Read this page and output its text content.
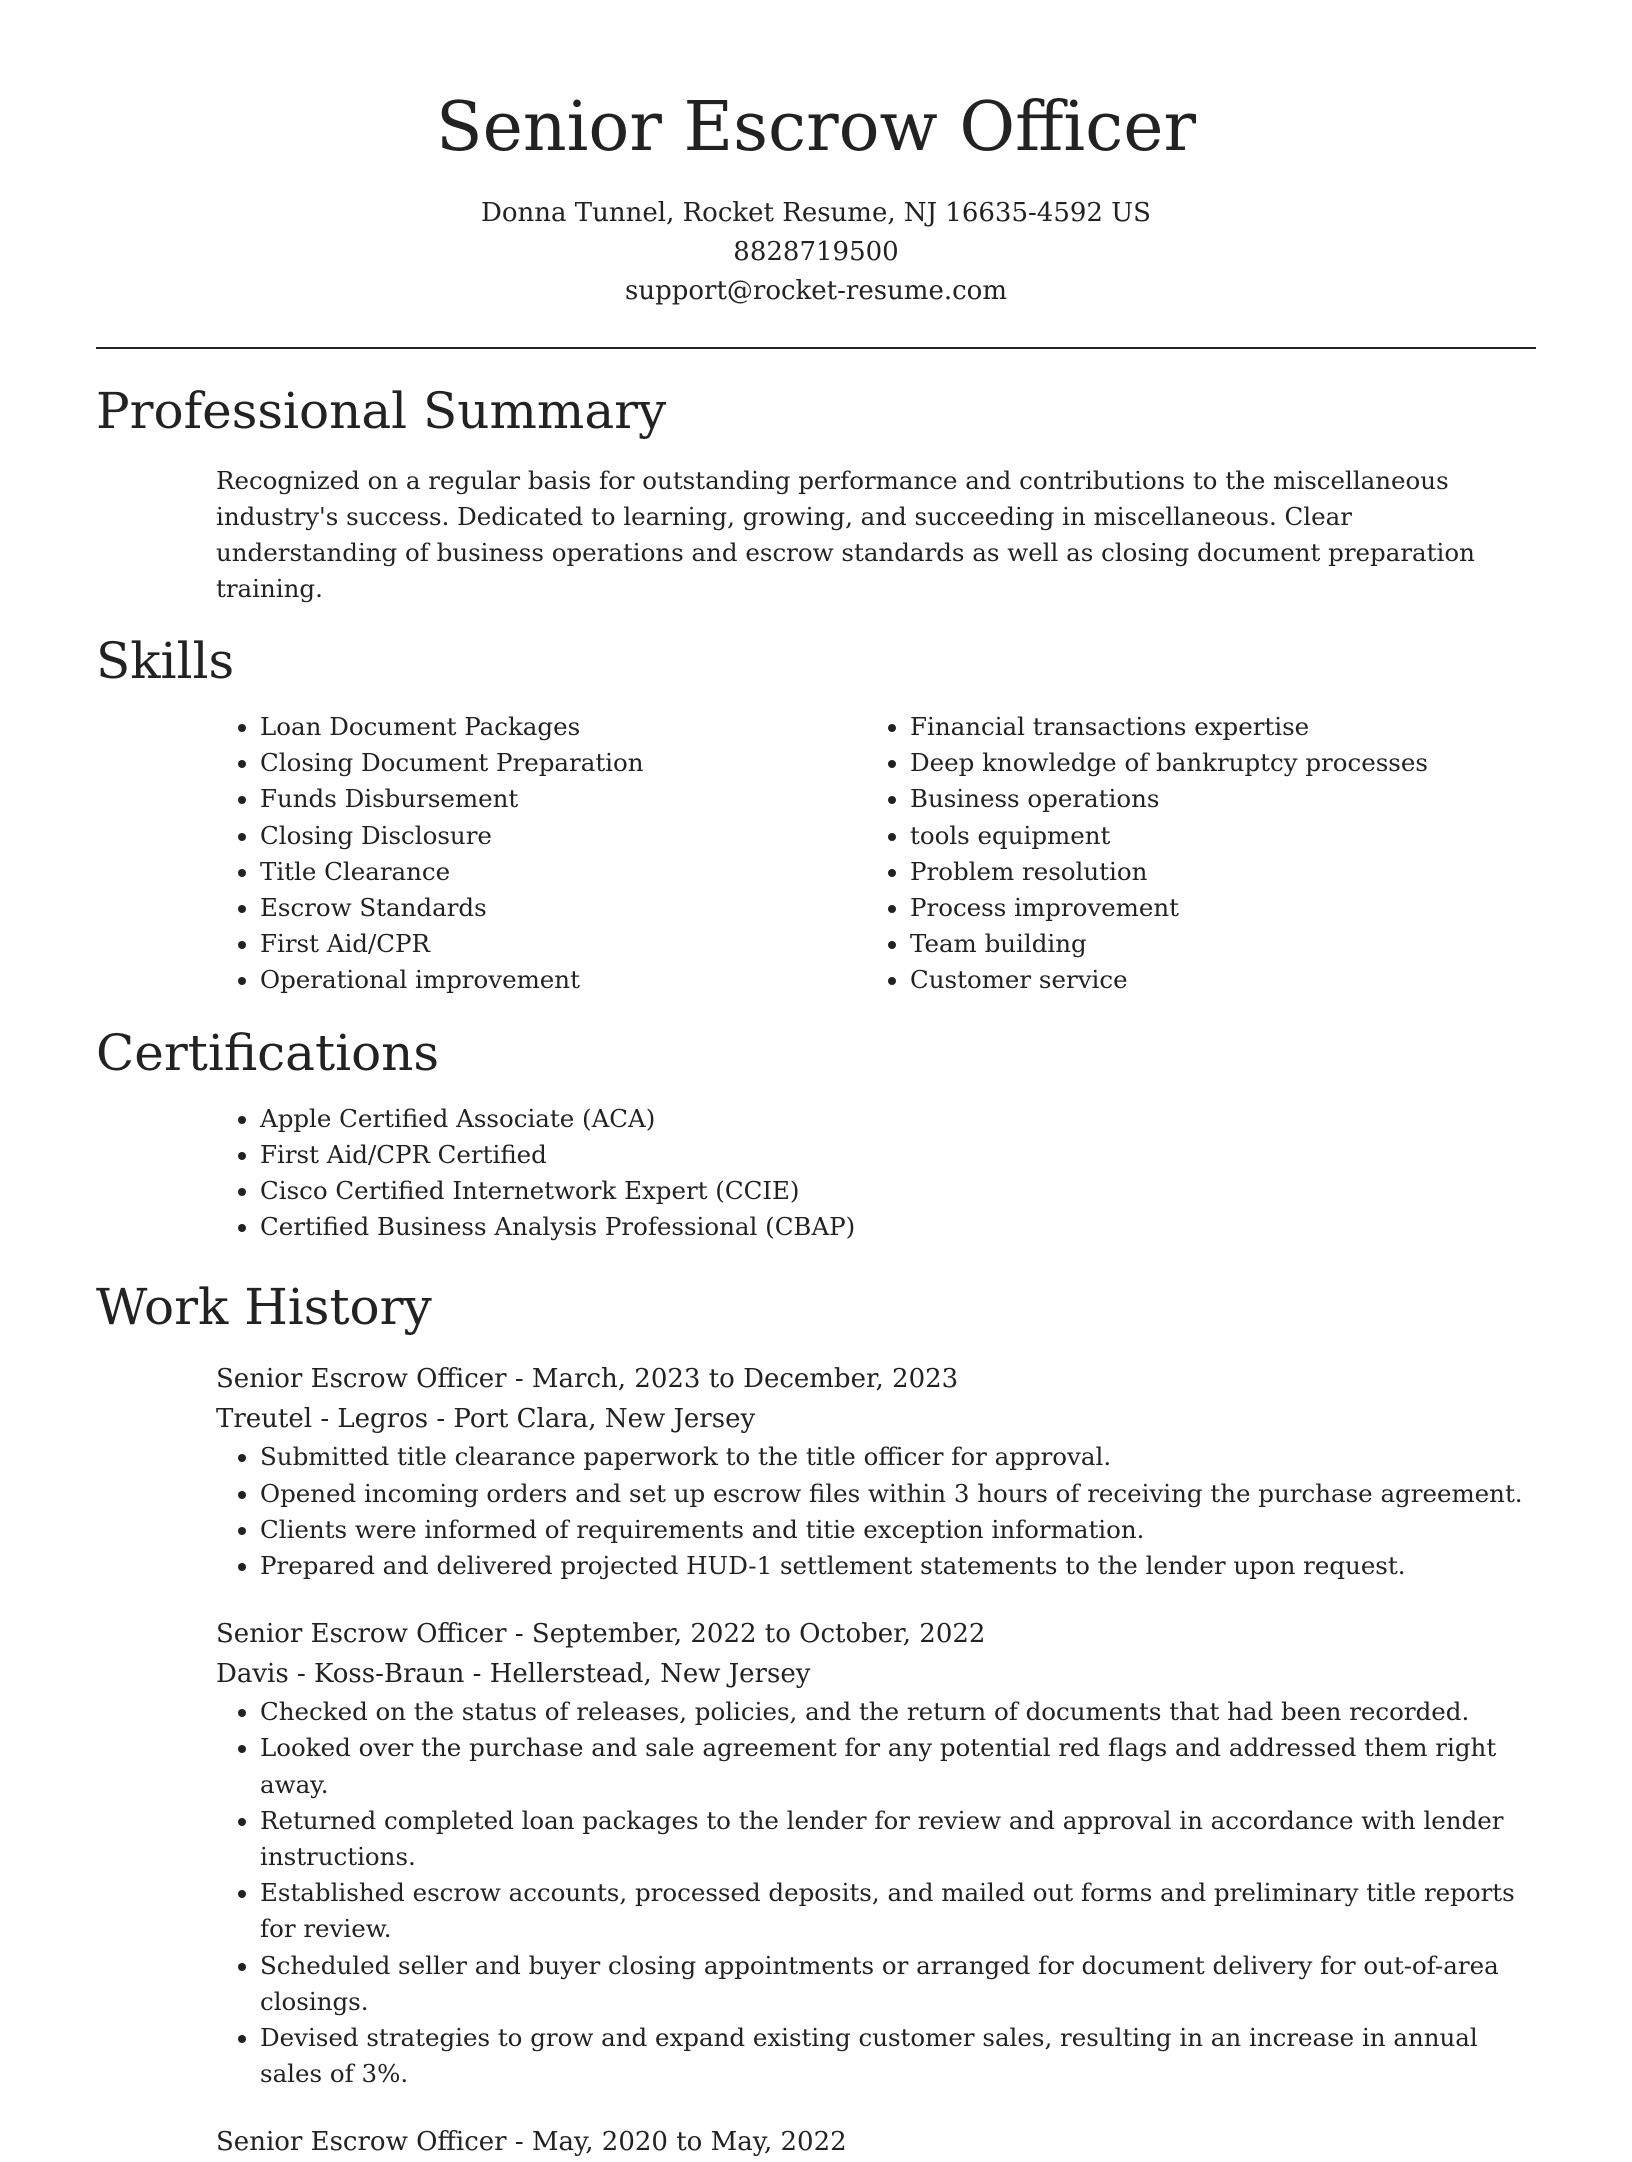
Senior Escrow Officer
Donna Tunnel, Rocket Resume, NJ 16635-4592 US
8828719500
support@rocket-resume.com
Professional Summary

Recognized on a regular basis for outstanding performance and contributions to the miscellaneous industry's success. Dedicated to learning, growing, and succeeding in miscellaneous. Clear understanding of business operations and escrow standards as well as closing document preparation training.

Skills
• Loan Document Packages
• Closing Document Preparation
• Funds Disbursement
• Closing Disclosure
• Title Clearance
• Escrow Standards
• First Aid/CPR
• Operational improvement
• Financial transactions expertise
• Deep knowledge of bankruptcy processes
• Business operations
• tools equipment
• Problem resolution
• Process improvement
• Team building
• Customer service
Certifications
• Apple Certified Associate (ACA)
• First Aid/CPR Certified
• Cisco Certified Internetwork Expert (CCIE)
• Certified Business Analysis Professional (CBAP)
Work History
Senior Escrow Officer - March, 2023 to December, 2023
Treutel - Legros - Port Clara, New Jersey
• Submitted title clearance paperwork to the title officer for approval.
• Opened incoming orders and set up escrow files within 3 hours of receiving the purchase agreement.
• Clients were informed of requirements and titie exception information.
• Prepared and delivered projected HUD-1 settlement statements to the lender upon request.
Senior Escrow Officer - September, 2022 to October, 2022
Davis - Koss-Braun - Hellerstead, New Jersey
• Checked on the status of releases, policies, and the return of documents that had been recorded.
• Looked over the purchase and sale agreement for any potential red flags and addressed them right away.
• Returned completed loan packages to the lender for review and approval in accordance with lender instructions.
• Established escrow accounts, processed deposits, and mailed out forms and preliminary title reports for review.
• Scheduled seller and buyer closing appointments or arranged for document delivery for out-of-area closings.
• Devised strategies to grow and expand existing customer sales, resulting in an increase in annual sales of 3%.
Senior Escrow Officer - May, 2020 to May, 2022
